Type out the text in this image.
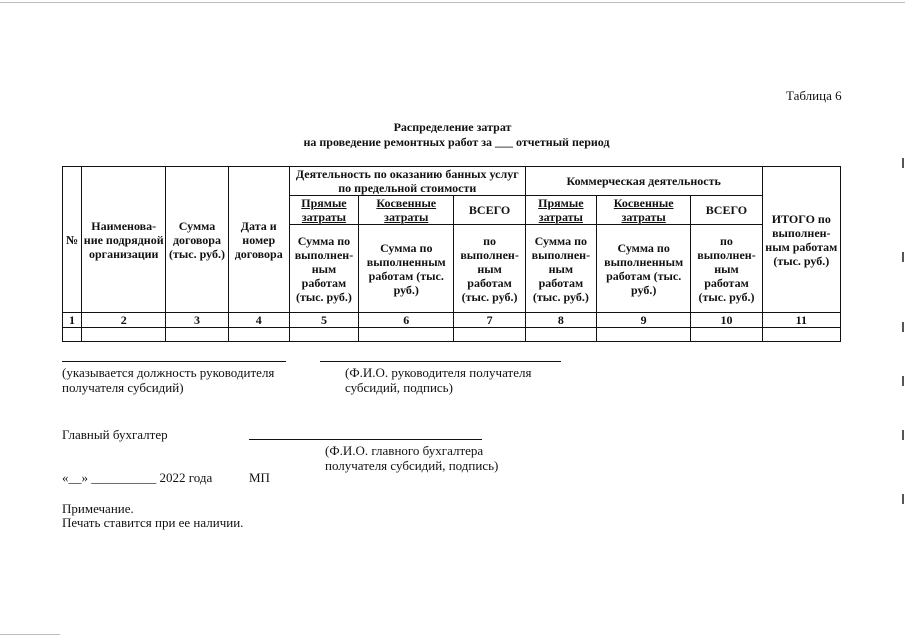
Таблица 6
Распределение затрат
на проведение ремонтных работ за ___ отчетный период
№	Наименова-ние подрядной организации	Сумма договора (тыс. руб.)	Дата и номер договора	Деятельность по оказанию банных услуг по предельной стоимости			Коммерческая деятельность			ИТОГО по выполнен-ным работам (тыс. руб.)
				Прямые затраты	Косвенные затраты	ВСЕГО	Прямые затраты	Косвенные затраты	ВСЕГО	
				Сумма по выполнен-ным работам (тыс. руб.)	Сумма по выполненным работам (тыс. руб.)	по выполнен-ным работам (тыс. руб.)	Сумма по выполнен-ным работам (тыс. руб.)	Сумма по выполненным работам (тыс. руб.)	по выполнен-ным работам (тыс. руб.)	
1	2	3	4	5	6	7	8	9	10	11

(указывается должность руководителя
получателя субсидий)
(Ф.И.О. руководителя получателя
субсидий, подпись)
Главный бухгалтер
(Ф.И.О. главного бухгалтера
получателя субсидий, подпись)
«__» __________ 2022 года	МП
Примечание.
Печать ставится при ее наличии.
